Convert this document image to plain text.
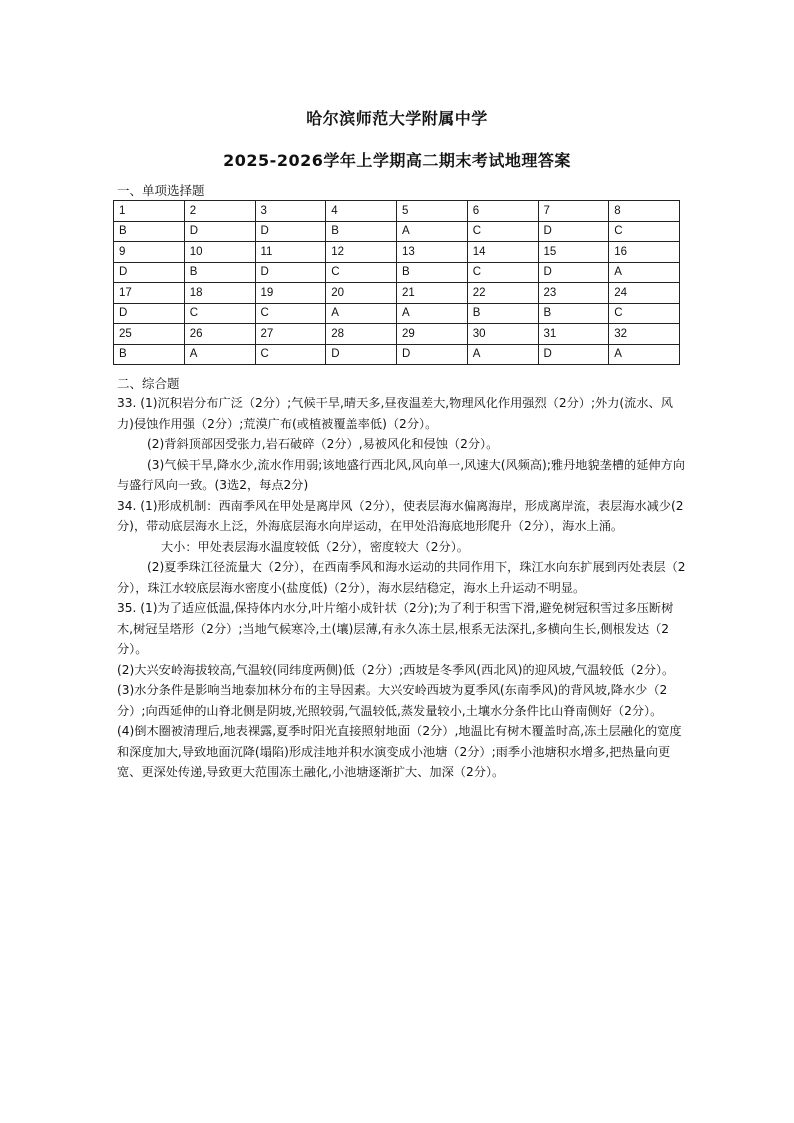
哈尔滨师范大学附属中学
2025-2026学年上学期高二期末考试地理答案
一、单项选择题
1	2	3	4	5	6	7	8
B	D	D	B	A	C	D	C
9	10	11	12	13	14	15	16
D	B	D	C	B	C	D	A
17	18	19	20	21	22	23	24
D	C	C	A	A	B	B	C
25	26	27	28	29	30	31	32
B	A	C	D	D	A	D	A
二、综合题

33. (1)沉积岩分布广泛（2分）;气候干旱,晴天多,昼夜温差大,物理风化作用强烈（2分）;外力(流水、风力)侵蚀作用强（2分）;荒漠广布(或植被覆盖率低)（2分）。

(2)背斜顶部因受张力,岩石破碎（2分）,易被风化和侵蚀（2分）。

(3)气候干旱,降水少,流水作用弱;该地盛行西北风,风向单一,风速大(风频高);雅丹地貌垄槽的延伸方向与盛行风向一致。(3选2，每点2分)

34. (1)形成机制：西南季风在甲处是离岸风（2分），使表层海水偏离海岸，形成离岸流，表层海水减少(2分)，带动底层海水上泛，外海底层海水向岸运动，在甲处沿海底地形爬升（2分），海水上涌。

大小：甲处表层海水温度较低（2分），密度较大（2分）。

(2)夏季珠江径流量大（2分），在西南季风和海水运动的共同作用下，珠江水向东扩展到丙处表层（2分），珠江水较底层海水密度小(盐度低)（2分），海水层结稳定，海水上升运动不明显。

35. (1)为了适应低温,保持体内水分,叶片缩小成针状（2分);为了利于积雪下滑,避免树冠积雪过多压断树木,树冠呈塔形（2分）;当地气候寒冷,土(壤)层薄,有永久冻土层,根系无法深扎,多横向生长,侧根发达（2分）。

(2)大兴安岭海拔较高,气温较(同纬度两侧)低（2分）;西坡是冬季风(西北风)的迎风坡,气温较低（2分）。

(3)水分条件是影响当地泰加林分布的主导因素。大兴安岭西坡为夏季风(东南季风)的背风坡,降水少（2分）;向西延伸的山脊北侧是阴坡,光照较弱,气温较低,蒸发量较小,土壤水分条件比山脊南侧好（2分）。

(4)倒木圈被清理后,地表裸露,夏季时阳光直接照射地面（2分）,地温比有树木覆盖时高,冻土层融化的宽度和深度加大,导致地面沉降(塌陷)形成洼地并积水演变成小池塘（2分）;雨季小池塘积水增多,把热量向更宽、更深处传递,导致更大范围冻土融化,小池塘逐渐扩大、加深（2分）。
